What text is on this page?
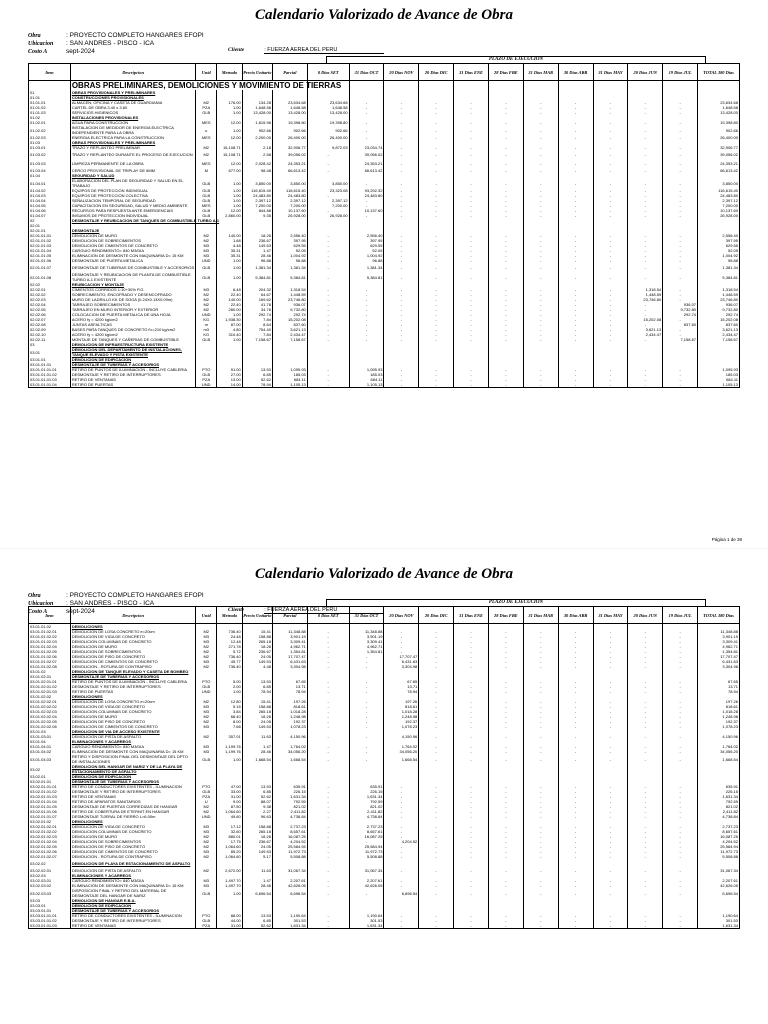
Calendario Valorizado de Avance de Obra
Obra	: PROYECTO COMPLETO HANGARES EFOPI
Ubicacion : SAN ANDRES - PISCO - ICA
Costo A	sept-2024	Cliente	: FUERZA AEREA DEL PERU
PLAZO DE EJECUCION
Item	Descripcion	Unid	Metrado	Precio Unitario	Parcial	0 Dias SET	31 Dias OCT	20 Dias NOV	20 Dias DIC	31 Dias ENE	28 Dias FBE	31 Dias MAR	30 Dias ABR	31 Dias MAY	20 Dias JUN	19 Dias JUL	TOTAL 380 Dias
	OBRAS PRELIMINARES, DEMOLICIONES Y MOVIMIENTO DE TIERRAS																
01	OBRAS PROVISIONALES Y PRELIMINARES																
01.01	CONSTRUCCIONES PROVISIONALES																
01.01.01	ALMACEN, OFICINA Y CASETA DE GUARDIANIA	M2	176.00	134.28	23,634.68	23,634.68	-	-	-	-	-	-	-	-	-	-	23,634.68
01.01.02	CARTEL DE OBRA 3.40 x 3.60	PZA	1.00	1,648.58	1,648.58	1,648.58	-	-	-	-	-	-	-	-	-	-	1,648.58
01.01.03	SERVICIOS HIGIENICOS	GLB	1.00	13,428.00	13,428.00	13,428.00	-	-	-	-	-	-	-	-	-	-	13,428.00
01.02	INSTALACIONES PROVISIONALES																
01.02.01	AGUA PARA CONSTRUCCION	MES	12.00	1,615.96	19,398.80	19,398.80	-	-	-	-	-	-	-	-	-	-	19,398.80
01.02.02	INSTALACION DE MEDIDOR DE ENERGIA ELECTRICA INDEPENDIENTE PARA LA OBRA	u	1.00	902.66	902.66	902.66	-	-	-	-	-	-	-	-	-	-	902.66
01.02.03	ENERGIA ELECTRICA PARA LA CONSTRUCCION	MES	12.00	2,200.00	26,400.00	26,400.00	-	-	-	-	-	-	-	-	-	-	26,400.00
01.03	OBRAS PROVISIONALES Y PRELIMINARES																
01.03.01	TRAZO Y REPLANTEO PRELIMINAR	M2	15,108.71	2.18	32,906.77	9,872.03	23,034.74	-	-	-	-	-	-	-	-	-	32,906.77
01.03.02	TRAZO Y REPLANTEO DURANTE EL PROCESO DE EJECUCION	M2	15,108.71	2.58	39,056.02	-	39,056.02	-	-	-	-	-	-	-	-	-	39,056.02
01.03.03	LIMPIEZA PERMANENTE DE LA OBRA	MES	12.00	2,028.42	24,353.21	-	24,353.21	-	-	-	-	-	-	-	-	-	24,353.21
01.03.04	CERCO PROVISIONAL DE TRIPLAY DE 6MM	M	677.00	98.48	66,613.42	-	66,613.42	-	-	-	-	-	-	-	-	-	66,613.42
01.04	SEGURIDAD Y SALUD																
01.04.01	ELABORACION DEL PLAN DE SEGURIDAD Y SALUD EN EL TRABAJO	GLB	1.00	3,850.00	3,850.00	3,850.00	-	-	-	-	-	-	-	-	-	-	3,850.00
01.04.02	EQUIPOS DE PROTECCION INDIVIDUAL	GLB	1.00	116,615.40	116,615.40	23,323.08	93,292.32	-	-	-	-	-	-	-	-	-	116,615.40
01.04.03	EQUIPOS DE PROTECCION COLECTIVA	GLB	1.00	24,483.80	24,483.80	-	24,483.80	-	-	-	-	-	-	-	-	-	24,483.80
01.04.04	SEÑALIZACION TEMPORAL DE SEGURIDAD	GLB	1.00	2,397.12	2,397.12	2,397.12	-	-	-	-	-	-	-	-	-	-	2,397.12
01.04.05	CAPACITACION EN SEGURIDAD, SALUD Y MEDIO AMBIENTE	MES	1.00	7,200.00	7,200.00	7,200.00	-	-	-	-	-	-	-	-	-	-	7,200.00
01.04.06	RECURSOS PARA RESPUESTA ANTE EMERGENCIAS	GLB	12.00	844.88	10,137.60	-	10,137.60	-	-	-	-	-	-	-	-	-	10,137.60
01.04.07	INSUMOS DE PROTECCION INDIVIDUAL	GLB	2,860.00	9.35	26,928.00	26,928.00	-	-	-	-	-	-	-	-	-	-	26,928.00
02	DESMONTAJE Y REUBICACION DE TANQUES DE COMBUSTIBLE TURBO A-1																
02.01																	
02.01.01	DESMONTAJE																
02.01.01.01	DEMOLICION DE MURO	M2	140.00	18.26	2,556.40	-	2,556.40	-	-	-	-	-	-	-	-	-	2,556.40
02.01.01.02	DEMOLICION DE SOBRECIMIENTOS	M2	1.68	236.67	397.95	-	397.95	-	-	-	-	-	-	-	-	-	397.95
02.01.01.03	DEMOLICION DE CIMIENTOS DE CONCRETO	M3	4.48	149.53	629.55	-	629.55	-	-	-	-	-	-	-	-	-	629.55
02.01.01.04	CARGUIO RENDIMIENTO= 840 M3/DIA	M3	35.31	1.47	52.05	-	52.05	-	-	-	-	-	-	-	-	-	52.05
02.01.01.05	ELIMINACION DE DESMONTE CON MAQUINARIA D= 15 KM	M3	35.31	28.46	1,004.92	-	1,004.92	-	-	-	-	-	-	-	-	-	1,004.92
02.01.01.06	DESMONTAJE DE PUERTA METALICA	UND	1.00	96.88	96.88	-	96.88	-	-	-	-	-	-	-	-	-	96.88
02.01.01.07	DESMONTAJE DE TUBERIAS DE COMBUSTIBLE Y ACCESORIOS	GLB	1.00	1,381.34	1,381.34	-	1,381.34	-	-	-	-	-	-	-	-	-	1,381.34
02.01.01.08	DESMONTAJE Y REUBICACION DE PLANTA DE COMBUSTIBLE TURBO A-1 EXISTENTE	GLB	1.00	5,384.81	5,384.81	-	5,384.81	-	-	-	-	-	-	-	-	-	5,384.81
02.02	REUBICACION Y MONTAJE																
02.02.01	CIMIENTOS CORRIDOS 1:10+30% P.G.	M3	6.48	204.32	1,318.54	-	-	-	-	-	-	-	-	-	1,318.54	-	1,318.54
02.02.02	SOBRECIMIENTO, ENCOFRADO Y DESENCOFRADO	M2	22.40	64.67	1,448.59	-	-	-	-	-	-	-	-	-	1,448.59	-	1,448.59
02.02.03	MURO DE LADRILLO KK DE SOGA (0.24X0.13X0.09m)	M2	140.00	169.62	23,746.80	-	-	-	-	-	-	-	-	-	23,746.80	-	23,746.80
02.02.04	TARRAJEO SOBRECIMIENTOS	M2	22.40	41.78	936.07	-	-	-	-	-	-	-	-	-	-	936.07	936.07
02.02.05	TARRAJEO EN MURO INTERIOR Y EXTERIOR	M2	280.00	34.76	9,732.80	-	-	-	-	-	-	-	-	-	-	9,732.80	9,732.80
02.02.06	COLOCACION DE PUERTA METALICA DE UNA HOJA	UND	1.00	292.74	292.74	-	-	-	-	-	-	-	-	-	-	292.74	292.74
02.02.07	ACERO fy = 4200 kg/cm2	KG	1,938.30	7.84	15,202.08	-	-	-	-	-	-	-	-	-	15,202.08	-	15,202.08
02.02.08	JUNTAS ASFALTICAS	m	87.00	8.64	837.60	-	-	-	-	-	-	-	-	-	-	837.60	837.60
02.02.09	BASES PARA TANQUES DE CONCRETO f'c=210 kg/cm2	m3	4.80	754.40	3,621.13	-	-	-	-	-	-	-	-	-	3,621.13	-	3,621.13
02.02.10	ACERO fy = 4200 kg/cm2	KG	310.40	7.84	2,434.47	-	-	-	-	-	-	-	-	-	2,434.47	-	2,434.47
02.02.11	MONTAJE DE TANQUES Y CAÑERIAS DE COMBUSTIBLE	GLB	1.00	7,158.67	7,158.67	-	-	-	-	-	-	-	-	-	-	7,158.67	7,158.67
03	DEMOLICION DE INFRAESTRUCTURA EXISTENTE																
03.01	DEMOLICION DEL DEPARTAMENTO DE INSTALACIONES, TANQUE ELEVADO Y PISTA EXISTENTE																
03.01.01	DEMOLICION DE EDIFICACION																
03.01.01.01	DESMONTAJE DE TUBERIAS Y ACCESORIOS																
03.01.01.01.01	RETIRO DE PUNTOS DE ILUMINACION - INCLUYE CABLERIA	PTO	91.00	13.53	1,095.93	-	1,095.93	-	-	-	-	-	-	-	-	-	1,095.93
03.01.01.01.02	DESMONTAJE Y RETIRO DE INTERRUPTORES	GLB	27.00	6.85	185.03	-	185.03	-	-	-	-	-	-	-	-	-	185.03
03.01.01.01.03	RETIRO DE VENTANAS	PZA	13.00	52.62	684.11	-	684.11	-	-	-	-	-	-	-	-	-	684.11
03.01.01.01.04	RETIRO DE PUERTAS	UND	14.00	78.94	1,105.13	-	1,105.13	-	-	-	-	-	-	-	-	-	1,105.13
Página 1 de 38
Calendario Valorizado de Avance de Obra
Obra	: PROYECTO COMPLETO HANGARES EFOPI
Ubicacion : SAN ANDRES - PISCO - ICA
Costo A	sept-2024	Cliente	: FUERZA AEREA DEL PERU
PLAZO DE EJECUCION
Item	Descripcion	Unid	Metrado	Precio Unitario	Parcial	0 Dias SET	31 Dias OCT	20 Dias NOV	20 Dias DIC	31 Dias ENE	28 Dias FBE	31 Dias MAR	30 Dias ABR	31 Dias MAY	20 Dias JUN	19 Dias JUL	TOTAL 380 Dias
03.01.01.02	DEMOLICIONES																
03.01.01.02.01	DEMOLICION DE LOSA CONCRETO e=20cm	M2	736.40	15.41	11,348.88	-	11,348.88	-	-	-	-	-	-	-	-	-	11,348.88
03.01.01.02.02	DEMOLICION DE VIGA DE CONCRETO	M3	24.48	158.88	3,901.19	-	3,901.19	-	-	-	-	-	-	-	-	-	3,901.19
03.01.01.02.03	DEMOLICION COLUMNAS DE CONCRETO	M3	12.48	265.18	3,309.41	-	3,309.41	-	-	-	-	-	-	-	-	-	3,309.41
03.01.01.02.04	DEMOLICION DE MURO	M2	271.78	18.26	4,962.71	-	4,962.71	-	-	-	-	-	-	-	-	-	4,962.71
03.01.01.02.05	DEMOLICION DE SOBRECIMIENTOS	M2	5.72	236.67	1,354.81	-	1,354.81	-	-	-	-	-	-	-	-	-	1,354.81
03.01.01.02.06	DEMOLICION DE PISO DE CONCRETO	M2	736.40	24.05	17,707.47	-	-	17,707.47	-	-	-	-	-	-	-	-	17,707.47
03.01.01.02.07	DEMOLICION DE CIMIENTOS DE CONCRETO	M3	45.77	149.53	6,431.63	-	-	6,431.63	-	-	-	-	-	-	-	-	6,431.63
03.01.01.02.08	DEMOLICION - ROTURA DE CONTRAPISO	M2	736.40	4.48	3,304.98	-	-	3,304.98	-	-	-	-	-	-	-	-	3,304.98
03.01.02	DEMOLICION DE TANQUE ELEVADO Y CASETA DE BOMBEO																
03.01.02.01	DESMONTAJE DE TUBERIAS Y ACCESORIOS																
03.01.02.01.01	RETIRO DE PUNTOS DE ILUMINACION - INCLUYE CABLERIA	PTO	5.00	13.53	67.65	-	-	67.65	-	-	-	-	-	-	-	-	67.65
03.01.02.01.02	DESMONTAJE Y RETIRO DE INTERRUPTORES	GLB	2.00	6.85	13.71	-	-	13.71	-	-	-	-	-	-	-	-	13.71
03.01.02.01.03	RETIRO DE PUERTAS	UND	1.00	78.94	78.94	-	-	78.94	-	-	-	-	-	-	-	-	78.94
03.01.02.02	DEMOLICIONES																
03.01.02.02.01	DEMOLICION DE LOSA CONCRETO e=20cm	M2	12.80	15.41	197.26	-	-	197.26	-	-	-	-	-	-	-	-	197.26
03.01.02.02.02	DEMOLICION DE VIGA DE CONCRETO	M3	5.15	158.88	818.61	-	-	818.61	-	-	-	-	-	-	-	-	818.61
03.01.02.02.03	DEMOLICION COLUMNAS DE CONCRETO	M3	3.84	265.18	1,018.28	-	-	1,018.28	-	-	-	-	-	-	-	-	1,018.28
03.01.02.02.04	DEMOLICION DE MURO	M2	68.40	18.26	1,248.98	-	-	1,248.98	-	-	-	-	-	-	-	-	1,248.98
03.01.02.02.05	DEMOLICION DE PISO DE CONCRETO	M2	8.00	24.05	192.37	-	-	192.37	-	-	-	-	-	-	-	-	192.37
03.01.02.02.06	DEMOLICION DE CIMIENTOS DE CONCRETO	M3	7.68	149.53	1,078.23	-	-	1,078.23	-	-	-	-	-	-	-	-	1,078.23
03.01.03	DEMOLICION DE VIA DE ACCESO EXISTENTE																
03.01.03.01	DEMOLICION DE PISTA DE ASFALTO	M2	357.01	11.63	4,150.96	-	-	4,150.96	-	-	-	-	-	-	-	-	4,150.96
03.01.04	ELIMINACIONES Y ACARREOS																
03.01.04.01	CARGUIO RENDIMIENTO= 840 M3/DIA	M3	1,199.76	1.47	1,764.02	-	-	1,764.02	-	-	-	-	-	-	-	-	1,764.02
03.01.04.02	ELIMINACION DE DESMONTE CON MAQUINARIA D= 15 KM	M3	1,199.76	28.46	34,056.20	-	-	34,056.20	-	-	-	-	-	-	-	-	34,056.20
03.01.04.03	RETIRO Y DISPOSICION FINAL DEL DESMONTAJE DEL DPTO DE INSTALACIONES	GLB	1.00	1,668.54	1,668.54	-	-	1,668.54	-	-	-	-	-	-	-	-	1,668.54
03.02	DEMOLICION DEL HANGAR DE NARIZ Y DE LA PLAYA DE ESTACIONAMIENTO DE ASFALTO																
03.02.01	DEMOLICION DE EDIFICACION																
03.02.01.01	DESMONTAJE DE TUBERIAS Y ACCESORIOS																
03.02.01.01.01	RETIRO DE CONDUCTORES EXISTENTES - ILUMINACION	PTO	47.00	13.53	635.91	-	635.91	-	-	-	-	-	-	-	-	-	635.91
03.02.01.01.02	DESMONTAJE Y RETIRO DE INTERRUPTORES	GLB	33.00	6.85	226.15	-	226.15	-	-	-	-	-	-	-	-	-	226.15
03.02.01.01.03	RETIRO DE VENTANAS	PZA	31.00	52.62	1,631.34	-	1,631.34	-	-	-	-	-	-	-	-	-	1,631.34
03.02.01.01.04	RETIRO DE APARATOS SANITARIOS	U	9.00	88.07	792.59	-	792.59	-	-	-	-	-	-	-	-	-	792.59
03.02.01.01.05	DESMONTAJE DE PUERTAS CORREDIZAS DE HANGAR	M2	87.50	9.38	821.02	-	821.02	-	-	-	-	-	-	-	-	-	821.02
03.02.01.01.06	RETIRO DE COBERTURA DE ETERNIT EN HANGAR	M2	1,064.60	2.27	2,411.82	-	2,411.82	-	-	-	-	-	-	-	-	-	2,411.82
03.02.01.01.07	DESMONTAJE TIJERAL DE FIERRO L=6.00m	UND	49.60	96.63	4,738.84	-	4,738.84	-	-	-	-	-	-	-	-	-	4,738.84
03.02.01.02	DEMOLICIONES																
03.02.01.02.01	DEMOLICION DE VIGA DE CONCRETO	M3	17.12	158.88	2,737.23	-	2,737.23	-	-	-	-	-	-	-	-	-	2,737.23
03.02.01.02.02	DEMOLICION COLUMNAS DE CONCRETO	M3	32.60	265.18	8,657.61	-	8,657.61	-	-	-	-	-	-	-	-	-	8,657.61
03.02.01.02.03	DEMOLICION DE MURO	M2	880.01	18.26	16,087.25	-	16,087.25	-	-	-	-	-	-	-	-	-	16,087.25
03.02.01.02.04	DEMOLICION DE SOBRECIMIENTOS	M2	17.75	236.67	4,204.52	-	-	4,204.52	-	-	-	-	-	-	-	-	4,204.52
03.02.01.02.05	DEMOLICION DE PISO DE CONCRETO	M2	1,064.60	24.05	25,584.94	-	25,584.94	-	-	-	-	-	-	-	-	-	25,584.94
03.02.01.02.06	DEMOLICION DE CIMIENTOS DE CONCRETO	M3	85.20	149.53	11,972.73	-	11,972.73	-	-	-	-	-	-	-	-	-	11,972.73
03.02.01.02.07	DEMOLICION - ROTURA DE CONTRAPISO	M2	1,064.60	5.17	5,508.88	-	5,508.88	-	-	-	-	-	-	-	-	-	5,508.88
03.02.02	DEMOLICION DE PLAYA DE ESTACIONAMIENTO DE ASFALTO																
03.02.02.01	DEMOLICION DE PISTA DE ASFALTO	M2	2,672.00	11.63	31,067.34	-	31,067.34	-	-	-	-	-	-	-	-	-	31,067.34
03.02.03	ELIMINACIONES Y ACARREOS																
03.02.03.01	CARGUIO RENDIMIENTO= 840 M3/DIA	M3	1,497.70	1.47	2,207.61	-	2,207.61	-	-	-	-	-	-	-	-	-	2,207.61
03.02.03.02	ELIMINACION DE DESMONTE CON MAQUINARIA D= 15 KM	M3	1,497.70	28.46	42,626.05	-	42,626.05	-	-	-	-	-	-	-	-	-	42,626.05
03.02.03.03	DISPOSICION FINAL Y RETIRO DEL MATERIAL DE DESMONTAJE DEL HANGAR DE NARIZ	GLB	1.00	6,696.54	6,696.54	-	-	6,696.54	-	-	-	-	-	-	-	-	6,696.54
03.03	DEMOLICION DE HANGAR E.B.A.																
03.03.01	DEMOLICION DE EDIFICACION																
03.03.01.01	DESMONTAJE DE TUBERIAS Y ACCESORIOS																
03.03.01.01.01	RETIRO DE CONDUCTORES EXISTENTES - ILUMINACION	PTO	88.00	13.53	1,190.64	-	1,190.64	-	-	-	-	-	-	-	-	-	1,190.64
03.03.01.01.02	DESMONTAJE Y RETIRO DE INTERRUPTORES	GLB	44.00	6.85	301.53	-	301.53	-	-	-	-	-	-	-	-	-	301.53
03.03.01.01.03	RETIRO DE VENTANAS	PZA	31.00	52.62	1,631.34	-	1,631.34	-	-	-	-	-	-	-	-	-	1,631.34
